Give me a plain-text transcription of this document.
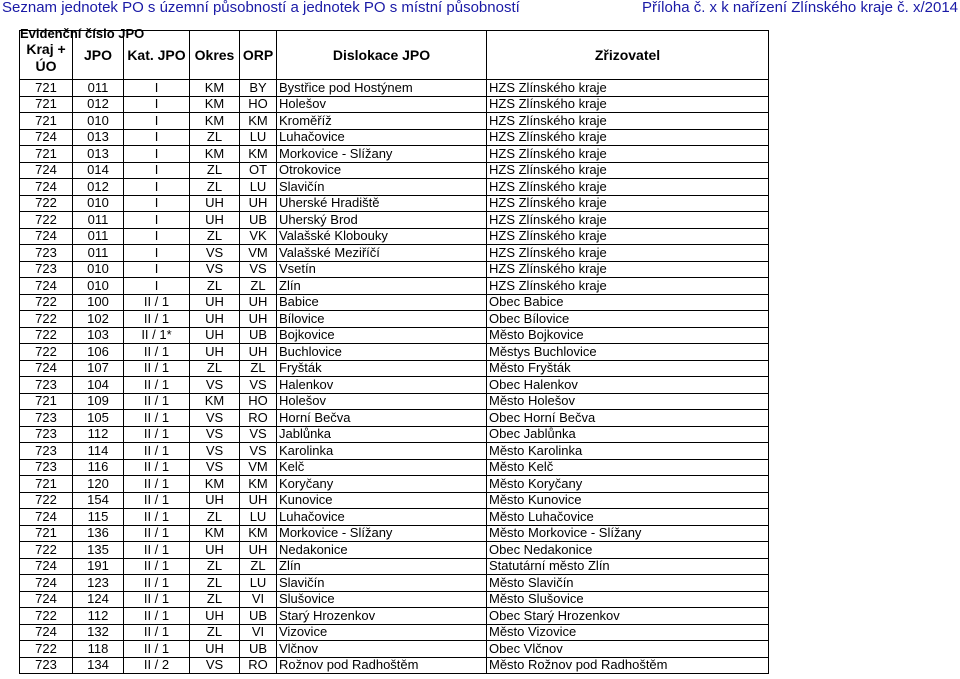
Seznam jednotek PO s územní působností a jednotek PO s místní působností	Příloha č. x k nařízení Zlínského kraje č. x/2014
Evidenční číslo JPO
Kraj + ÚO	JPO	Kat. JPO	Okres	ORP	Dislokace JPO	Zřizovatel
721	011	I	KM	BY	Bystřice pod Hostýnem	HZS Zlínského kraje
721	012	I	KM	HO	Holešov	HZS Zlínského kraje
721	010	I	KM	KM	Kroměříž	HZS Zlínského kraje
724	013	I	ZL	LU	Luhačovice	HZS Zlínského kraje
721	013	I	KM	KM	Morkovice - Slížany	HZS Zlínského kraje
724	014	I	ZL	OT	Otrokovice	HZS Zlínského kraje
724	012	I	ZL	LU	Slavičín	HZS Zlínského kraje
722	010	I	UH	UH	Uherské Hradiště	HZS Zlínského kraje
722	011	I	UH	UB	Uherský Brod	HZS Zlínského kraje
724	011	I	ZL	VK	Valašské Klobouky	HZS Zlínského kraje
723	011	I	VS	VM	Valašské Meziříčí	HZS Zlínského kraje
723	010	I	VS	VS	Vsetín	HZS Zlínského kraje
724	010	I	ZL	ZL	Zlín	HZS Zlínského kraje
722	100	II / 1	UH	UH	Babice	Obec Babice
722	102	II / 1	UH	UH	Bílovice	Obec Bílovice
722	103	II / 1*	UH	UB	Bojkovice	Město Bojkovice
722	106	II / 1	UH	UH	Buchlovice	Městys Buchlovice
724	107	II / 1	ZL	ZL	Fryšták	Město Fryšták
723	104	II / 1	VS	VS	Halenkov	Obec Halenkov
721	109	II / 1	KM	HO	Holešov	Město Holešov
723	105	II / 1	VS	RO	Horní Bečva	Obec Horní Bečva
723	112	II / 1	VS	VS	Jablůnka	Obec Jablůnka
723	114	II / 1	VS	VS	Karolinka	Město Karolinka
723	116	II / 1	VS	VM	Kelč	Město Kelč
721	120	II / 1	KM	KM	Koryčany	Město Koryčany
722	154	II / 1	UH	UH	Kunovice	Město Kunovice
724	115	II / 1	ZL	LU	Luhačovice	Město Luhačovice
721	136	II / 1	KM	KM	Morkovice - Slížany	Město Morkovice - Slížany
722	135	II / 1	UH	UH	Nedakonice	Obec Nedakonice
724	191	II / 1	ZL	ZL	Zlín	Statutární město Zlín
724	123	II / 1	ZL	LU	Slavičín	Město Slavičín
724	124	II / 1	ZL	VI	Slušovice	Město Slušovice
722	112	II / 1	UH	UB	Starý Hrozenkov	Obec Starý Hrozenkov
724	132	II / 1	ZL	VI	Vizovice	Město Vizovice
722	118	II / 1	UH	UB	Vlčnov	Obec Vlčnov
723	134	II / 2	VS	RO	Rožnov pod Radhoštěm	Město Rožnov pod Radhoštěm
